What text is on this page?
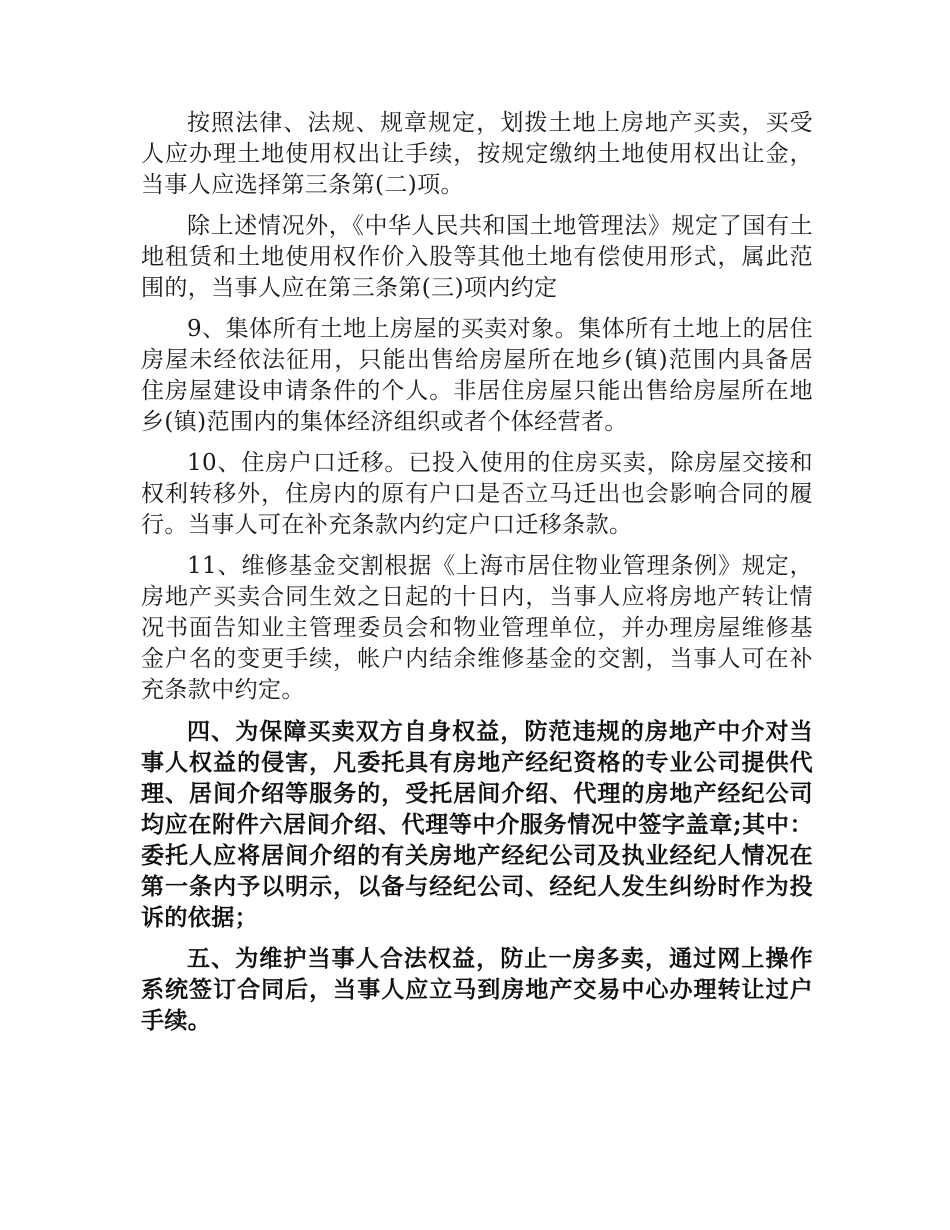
按照法律、法规、规章规定，划拨土地上房地产买卖，买受人应办理土地使用权出让手续，按规定缴纳土地使用权出让金，当事人应选择第三条第(二)项。

除上述情况外，《中华人民共和国土地管理法》规定了国有土地租赁和土地使用权作价入股等其他土地有偿使用形式，属此范围的，当事人应在第三条第(三)项内约定

9、集体所有土地上房屋的买卖对象。集体所有土地上的居住房屋未经依法征用，只能出售给房屋所在地乡(镇)范围内具备居住房屋建设申请条件的个人。非居住房屋只能出售给房屋所在地乡(镇)范围内的集体经济组织或者个体经营者。

10、住房户口迁移。已投入使用的住房买卖，除房屋交接和权利转移外，住房内的原有户口是否立马迁出也会影响合同的履行。当事人可在补充条款内约定户口迁移条款。

11、维修基金交割根据《上海市居住物业管理条例》规定，房地产买卖合同生效之日起的十日内，当事人应将房地产转让情况书面告知业主管理委员会和物业管理单位，并办理房屋维修基金户名的变更手续，帐户内结余维修基金的交割，当事人可在补充条款中约定。

四、为保障买卖双方自身权益，防范违规的房地产中介对当事人权益的侵害，凡委托具有房地产经纪资格的专业公司提供代理、居间介绍等服务的，受托居间介绍、代理的房地产经纪公司均应在附件六居间介绍、代理等中介服务情况中签字盖章;其中：委托人应将居间介绍的有关房地产经纪公司及执业经纪人情况在第一条内予以明示，以备与经纪公司、经纪人发生纠纷时作为投诉的依据；

五、为维护当事人合法权益，防止一房多卖，通过网上操作系统签订合同后，当事人应立马到房地产交易中心办理转让过户手续。
